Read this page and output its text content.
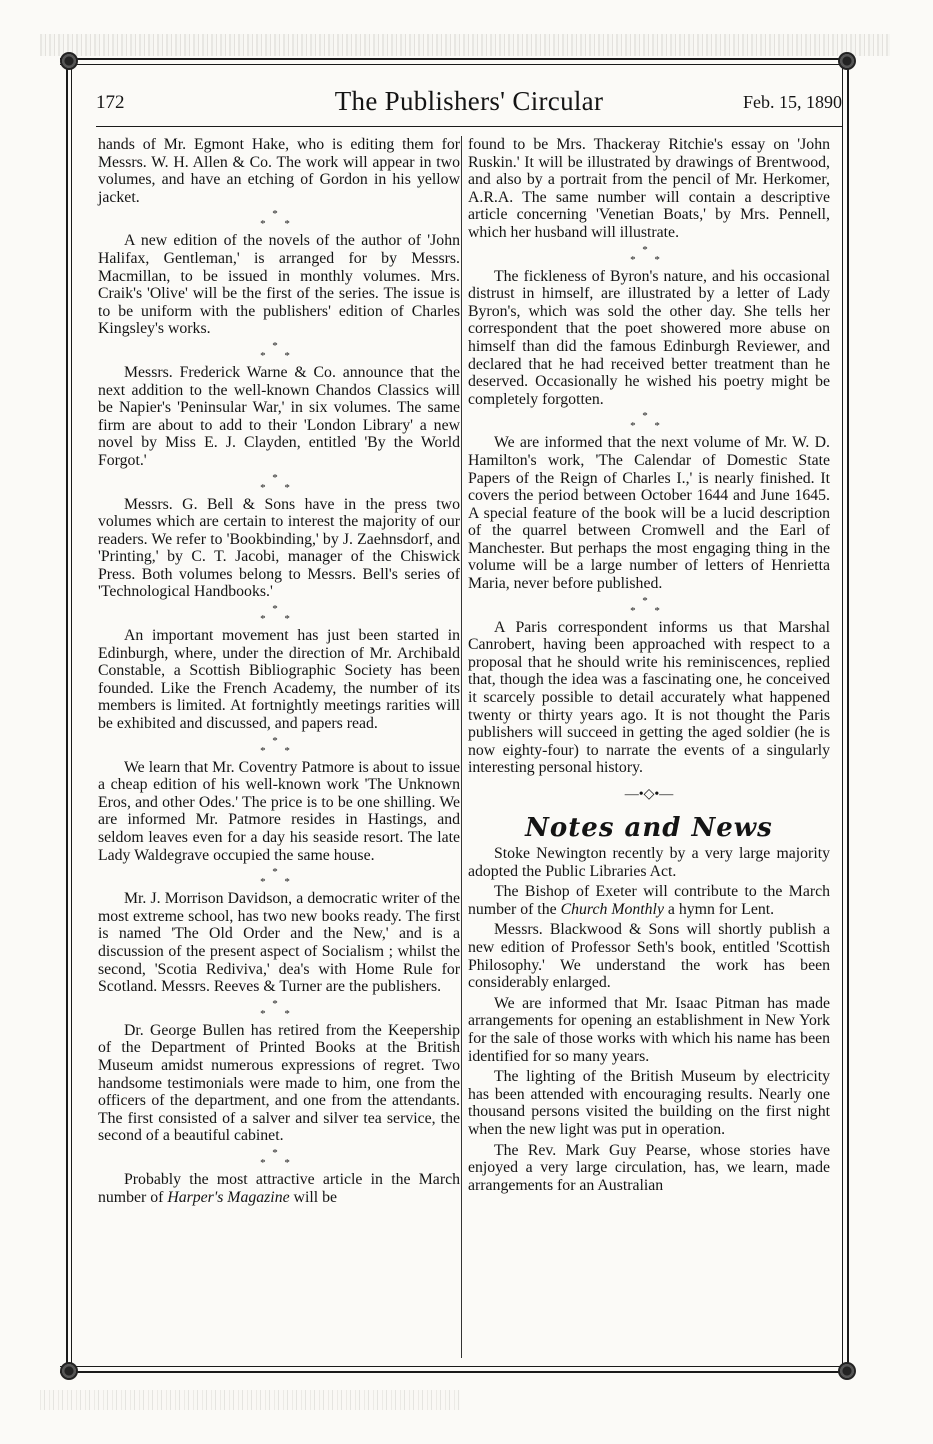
172	The Publishers' Circular	Feb. 15, 1890

hands of Mr. Egmont Hake, who is editing them for Messrs. W. H. Allen & Co. The work will appear in two volumes, and have an etching of Gordon in his yellow jacket.

*
* *

A new edition of the novels of the author of 'John Halifax, Gentleman,' is arranged for by Messrs. Macmillan, to be issued in monthly volumes. Mrs. Craik's 'Olive' will be the first of the series. The issue is to be uniform with the publishers' edition of Charles Kingsley's works.

*
* *

Messrs. Frederick Warne & Co. announce that the next addition to the well-known Chandos Classics will be Napier's 'Peninsular War,' in six volumes. The same firm are about to add to their 'London Library' a new novel by Miss E. J. Clayden, entitled 'By the World Forgot.'

*
* *

Messrs. G. Bell & Sons have in the press two volumes which are certain to interest the majority of our readers. We refer to 'Bookbinding,' by J. Zaehnsdorf, and 'Printing,' by C. T. Jacobi, manager of the Chiswick Press. Both volumes belong to Messrs. Bell's series of 'Technological Handbooks.'

*
* *

An important movement has just been started in Edinburgh, where, under the direction of Mr. Archibald Constable, a Scottish Bibliographic Society has been founded. Like the French Academy, the number of its members is limited. At fortnightly meetings rarities will be exhibited and discussed, and papers read.

*
* *

We learn that Mr. Coventry Patmore is about to issue a cheap edition of his well-known work 'The Unknown Eros, and other Odes.' The price is to be one shilling. We are informed Mr. Patmore resides in Hastings, and seldom leaves even for a day his seaside resort. The late Lady Waldegrave occupied the same house.

*
* *

Mr. J. Morrison Davidson, a democratic writer of the most extreme school, has two new books ready. The first is named 'The Old Order and the New,' and is a discussion of the present aspect of Socialism ; whilst the second, 'Scotia Rediviva,' dea's with Home Rule for Scotland. Messrs. Reeves & Turner are the publishers.

*
* *

Dr. George Bullen has retired from the Keepership of the Department of Printed Books at the British Museum amidst numerous expressions of regret. Two handsome testimonials were made to him, one from the officers of the department, and one from the attendants. The first consisted of a salver and silver tea service, the second of a beautiful cabinet.

*
* *

Probably the most attractive article in the March number of Harper's Magazine will be

found to be Mrs. Thackeray Ritchie's essay on 'John Ruskin.' It will be illustrated by drawings of Brentwood, and also by a portrait from the pencil of Mr. Herkomer, A.R.A. The same number will contain a descriptive article concerning 'Venetian Boats,' by Mrs. Pennell, which her husband will illustrate.

*
* *

The fickleness of Byron's nature, and his occasional distrust in himself, are illustrated by a letter of Lady Byron's, which was sold the other day. She tells her correspondent that the poet showered more abuse on himself than did the famous Edinburgh Reviewer, and declared that he had received better treatment than he deserved. Occasionally he wished his poetry might be completely forgotten.

*
* *

We are informed that the next volume of Mr. W. D. Hamilton's work, 'The Calendar of Domestic State Papers of the Reign of Charles I.,' is nearly finished. It covers the period between October 1644 and June 1645. A special feature of the book will be a lucid description of the quarrel between Cromwell and the Earl of Manchester. But perhaps the most engaging thing in the volume will be a large number of letters of Henrietta Maria, never before published.

*
* *

A Paris correspondent informs us that Marshal Canrobert, having been approached with respect to a proposal that he should write his reminiscences, replied that, though the idea was a fascinating one, he conceived it scarcely possible to detail accurately what happened twenty or thirty years ago. It is not thought the Paris publishers will succeed in getting the aged soldier (he is now eighty-four) to narrate the events of a singularly interesting personal history.

—•◇•—
Notes and News

Stoke Newington recently by a very large majority adopted the Public Libraries Act.

The Bishop of Exeter will contribute to the March number of the Church Monthly a hymn for Lent.

Messrs. Blackwood & Sons will shortly publish a new edition of Professor Seth's book, entitled 'Scottish Philosophy.' We understand the work has been considerably enlarged.

We are informed that Mr. Isaac Pitman has made arrangements for opening an establishment in New York for the sale of those works with which his name has been identified for so many years.

The lighting of the British Museum by electricity has been attended with encouraging results. Nearly one thousand persons visited the building on the first night when the new light was put in operation.

The Rev. Mark Guy Pearse, whose stories have enjoyed a very large circulation, has, we learn, made arrangements for an Australian
